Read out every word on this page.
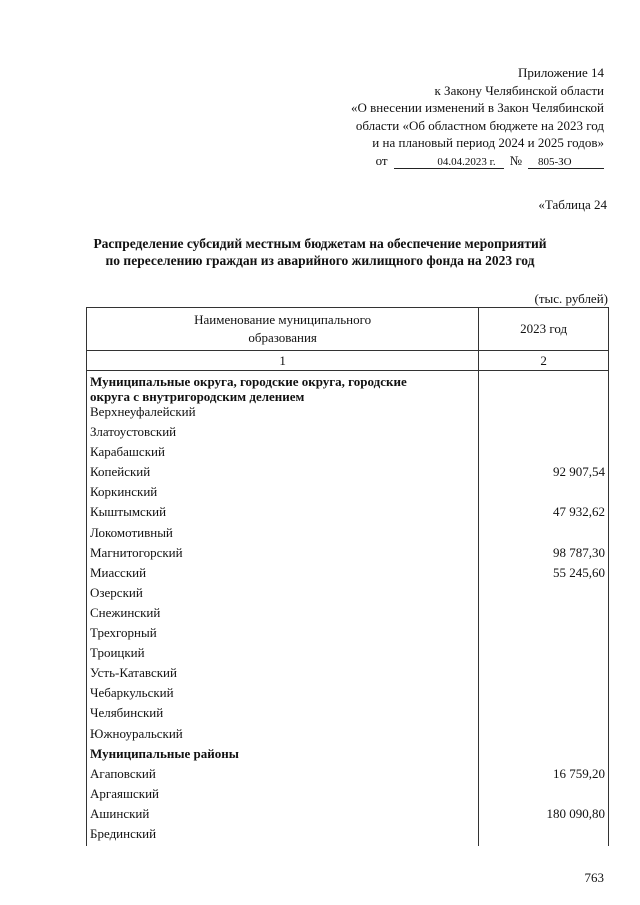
Приложение 14
к Закону Челябинской области
«О внесении изменений в Закон Челябинской
области «Об областном бюджете на 2023 год
и на плановый период 2024 и 2025 годов»
от	04.04.2023 г.	№	805-ЗО
«Таблица 24
Распределение субсидий местным бюджетам на обеспечение мероприятий
по переселению граждан из аварийного жилищного фонда на 2023 год
(тыс. рублей)
Наименование муниципального
образования	2023 год
1	2

Муниципальные округа, городские округа, городские
округа с внутригородским делением	

Верхнеуфалейский	
Златоустовский	
Карабашский	
Копейский	92 907,54
Коркинский	
Кыштымский	47 932,62
Локомотивный	
Магнитогорский	98 787,30
Миасский	55 245,60
Озерский	
Снежинский	
Трехгорный	
Троицкий	
Усть-Катавский	
Чебаркульский	
Челябинский	
Южноуральский	
Муниципальные районы	
Агаповский	16 759,20
Аргаяшский	
Ашинский	180 090,80
Брединский	
763
